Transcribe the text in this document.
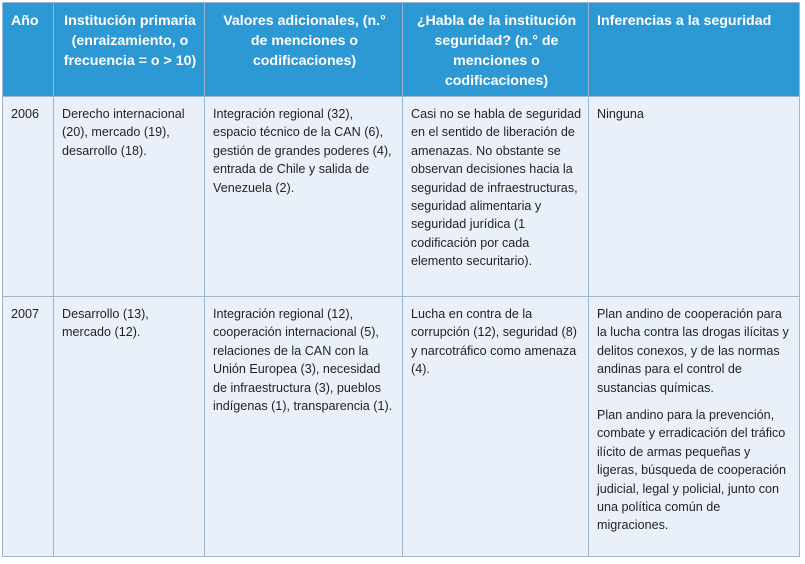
Año	Institución primaria (enraizamiento, o frecuencia = o > 10)	Valores adicionales, (n.° de menciones o codificaciones)	¿Habla de la institución seguridad? (n.° de menciones o codificaciones)	Inferencias a la seguridad
2006	Derecho internacional (20), mercado (19), desarrollo (18).	Integración regional (32), espacio técnico de la CAN (6), gestión de grandes poderes (4), entrada de Chile y salida de Venezuela (2).	Casi no se habla de seguridad en el sentido de liberación de amenazas. No obstante se observan decisiones hacia la seguridad de infraestructuras, seguridad alimentaria y seguridad jurídica (1 codificación por cada elemento securitario).	Ninguna

2007	Desarrollo (13), mercado (12).	Integración regional (12), cooperación internacional (5), relaciones de la CAN con la Unión Europea (3), necesidad de infraestructura (3), pueblos indígenas (1), transparencia (1).	Lucha en contra de la corrupción (12), seguridad (8) y narcotráfico como amenaza (4).	Plan andino de cooperación para la lucha contra las drogas ilícitas y delitos conexos, y de las normas andinas para el control de sustancias químicas.

Plan andino para la prevención, combate y erradicación del tráfico ilícito de armas pequeñas y ligeras, búsqueda de cooperación judicial, legal y policial, junto con una política común de migraciones.
